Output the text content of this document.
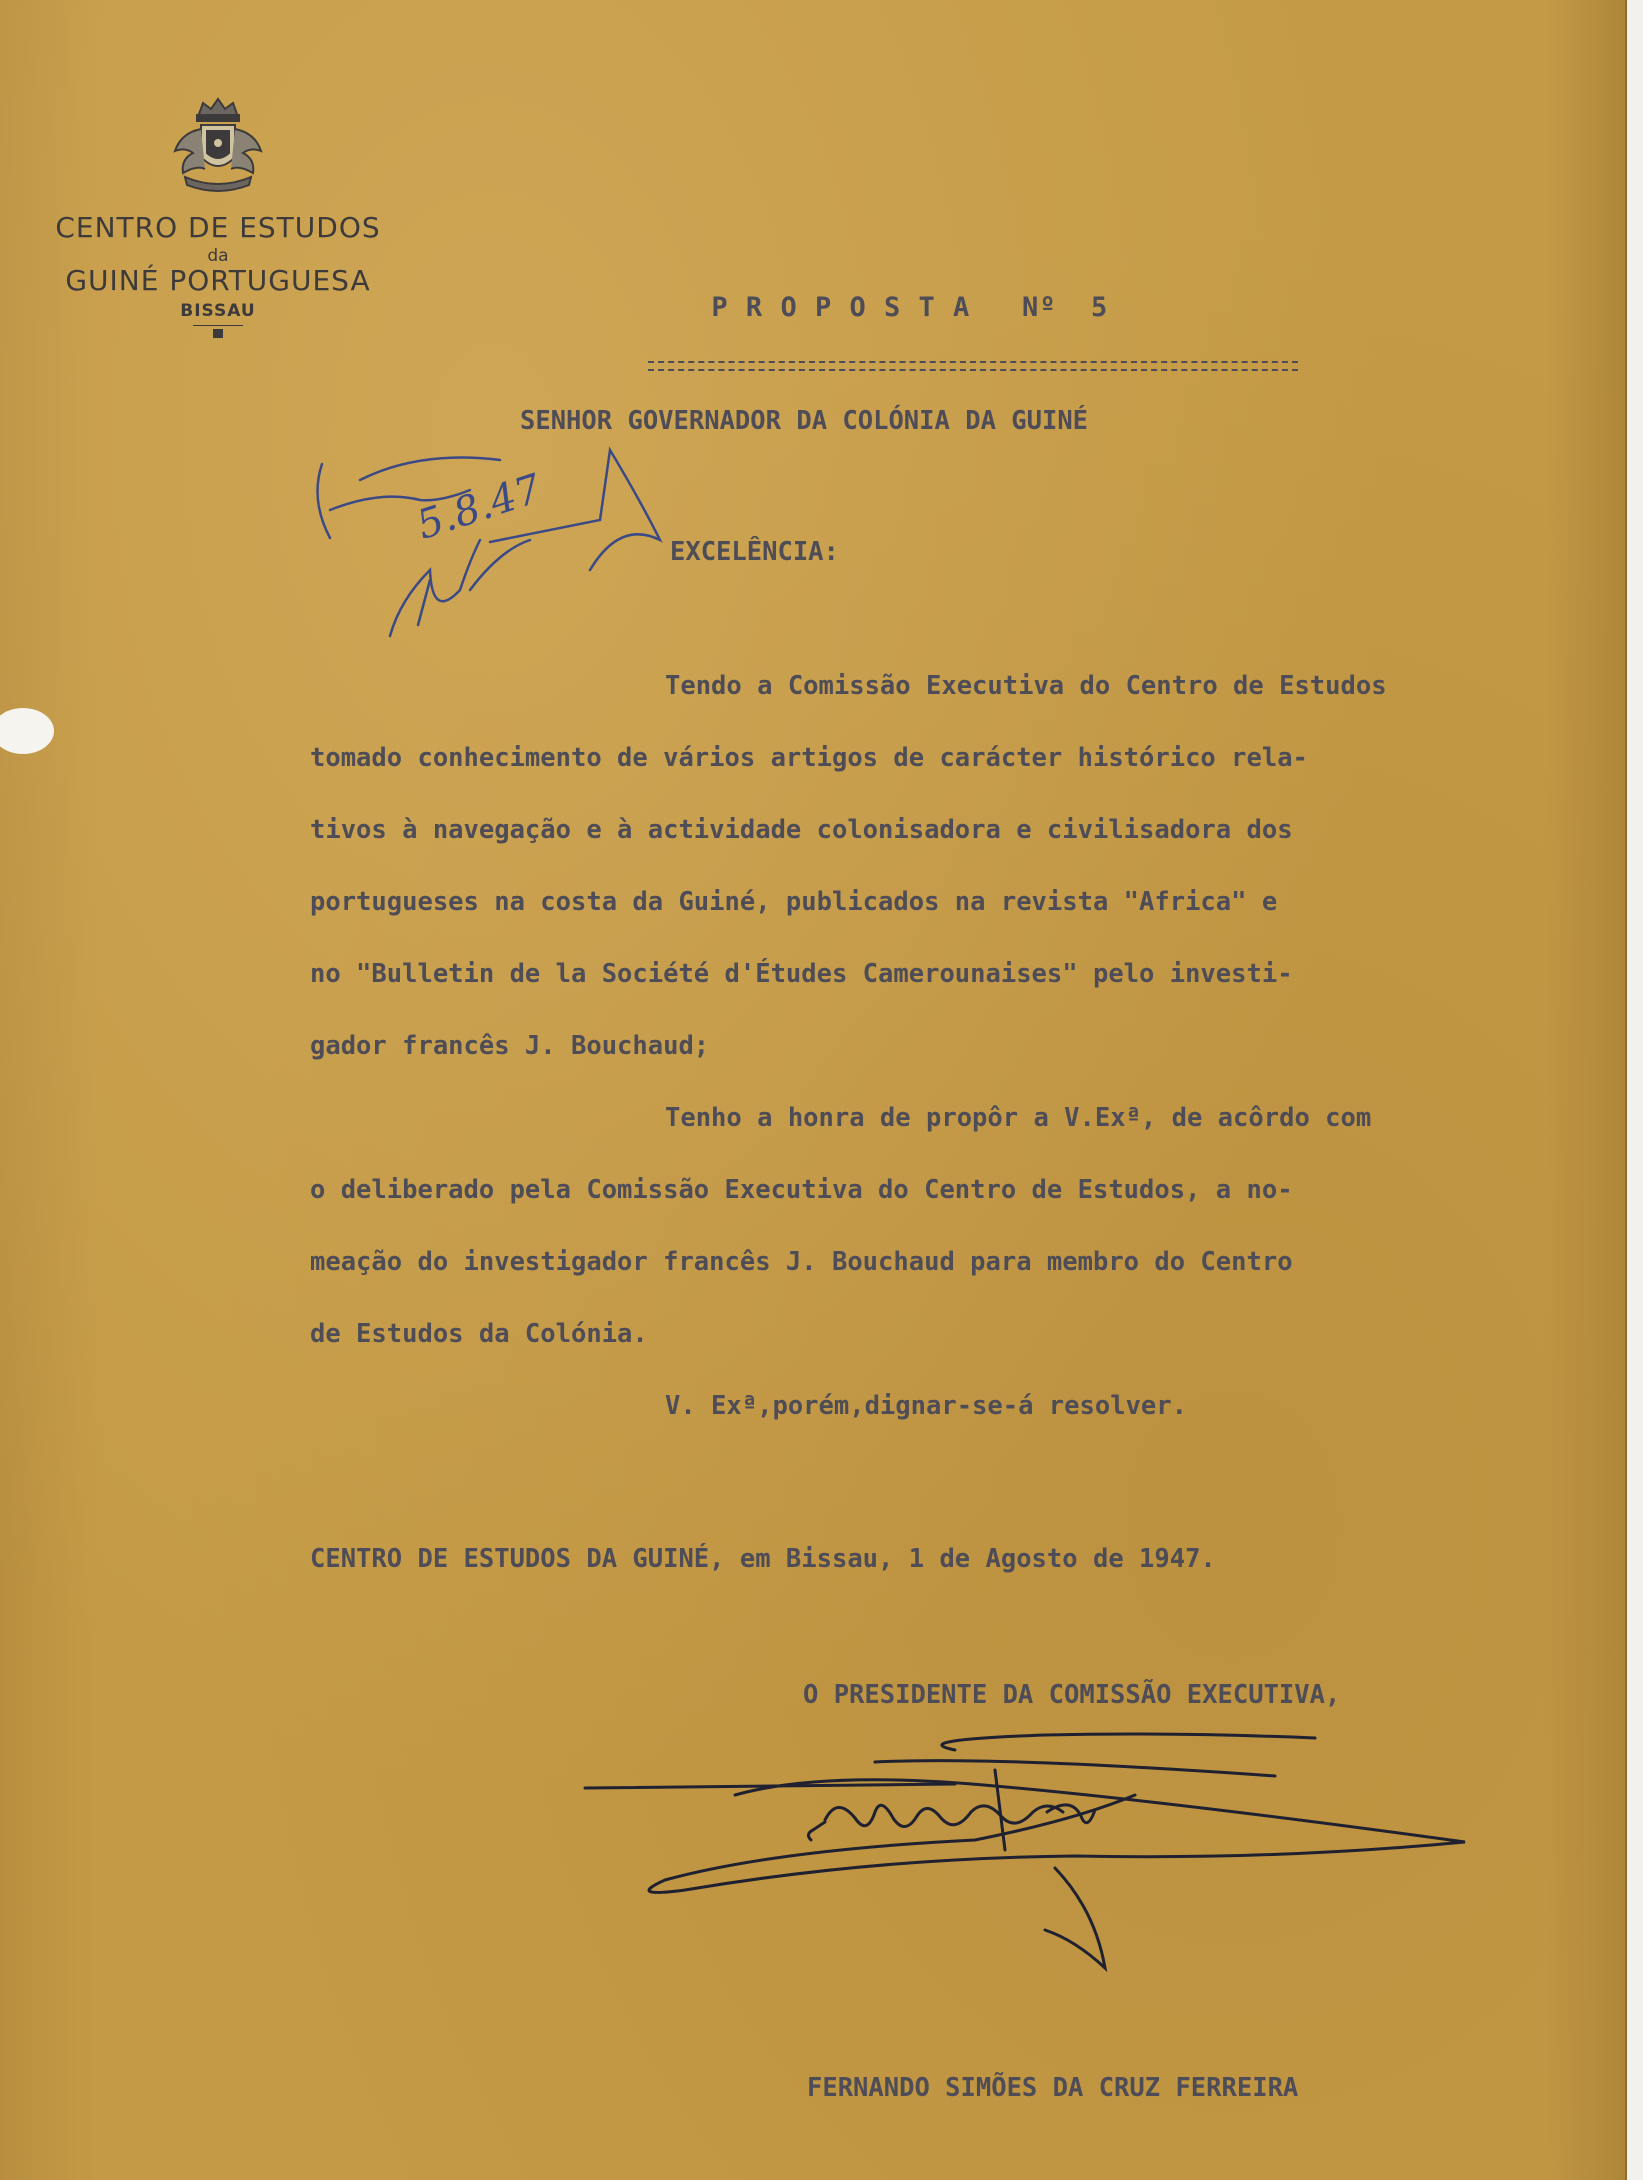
CENTRO DE ESTUDOS
da
GUINÉ PORTUGUESA
BISSAU	P R O P O S T A   Nº  5

SENHOR GOVERNADOR DA COLÓNIA DA GUINÉ

EXCELÊNCIA:

Tendo a Comissão Executiva do Centro de Estudos
tomado conhecimento de vários artigos de carácter histórico rela-
tivos à navegação e à actividade colonisadora e civilisadora dos
portugueses na costa da Guiné, publicados na revista "Africa" e
no "Bulletin de la Société d'Études Camerounaises" pelo investi-
gador francês J. Bouchaud;
Tenho a honra de propôr a V.Exª, de acôrdo com
o deliberado pela Comissão Executiva do Centro de Estudos, a no-
meação do investigador francês J. Bouchaud para membro do Centro
de Estudos da Colónia.
V. Exª,porém,dignar-se-á resolver.

CENTRO DE ESTUDOS DA GUINÉ, em Bissau, 1 de Agosto de 1947.

O PRESIDENTE DA COMISSÃO EXECUTIVA,

FERNANDO SIMÕES DA CRUZ FERREIRA

5.8.47
